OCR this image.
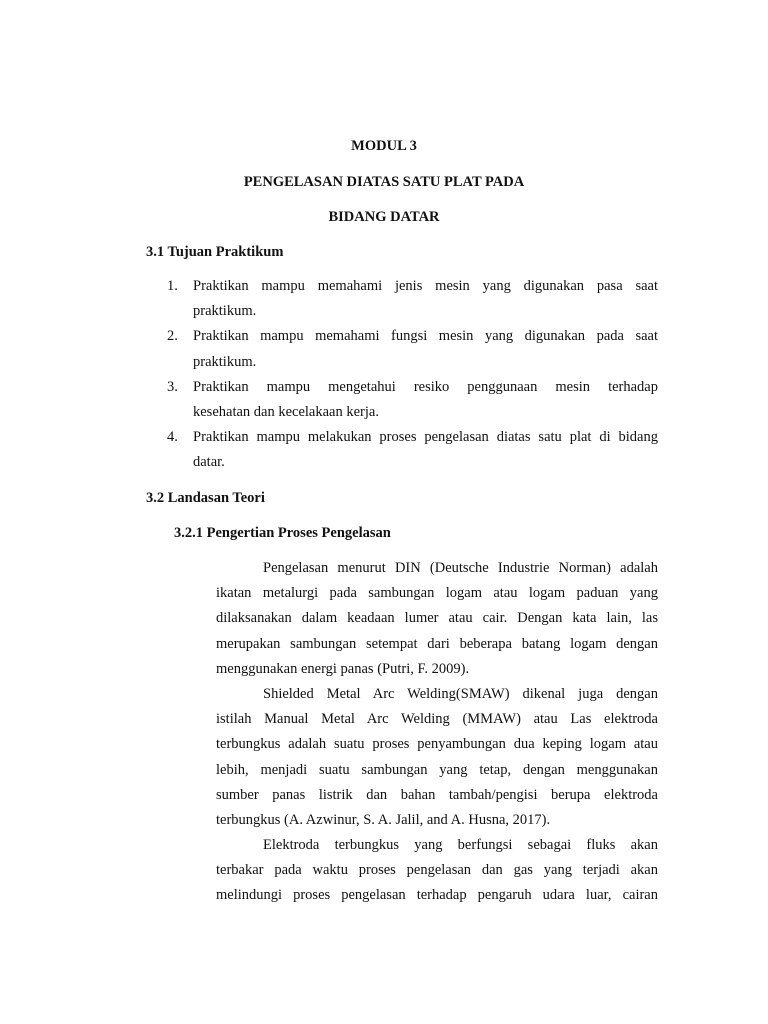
MODUL 3
PENGELASAN DIATAS SATU PLAT PADA
BIDANG DATAR
3.1 Tujuan Praktikum
1. Praktikan mampu memahami jenis mesin yang digunakan pasa saat
praktikum.
2. Praktikan mampu memahami fungsi mesin yang digunakan pada saat
praktikum.
3. Praktikan mampu mengetahui resiko penggunaan mesin terhadap
kesehatan dan kecelakaan kerja.
4. Praktikan mampu melakukan proses pengelasan diatas satu plat di bidang
datar.
3.2 Landasan Teori
3.2.1 Pengertian Proses Pengelasan
Pengelasan menurut DIN (Deutsche Industrie Norman) adalah
ikatan metalurgi pada sambungan logam atau logam paduan yang
dilaksanakan dalam keadaan lumer atau cair. Dengan kata lain, las
merupakan sambungan setempat dari beberapa batang logam dengan
menggunakan energi panas (Putri, F. 2009).
Shielded Metal Arc Welding(SMAW) dikenal juga dengan
istilah Manual Metal Arc Welding (MMAW) atau Las elektroda
terbungkus adalah suatu proses penyambungan dua keping logam atau
lebih, menjadi suatu sambungan yang tetap, dengan menggunakan
sumber panas listrik dan bahan tambah/pengisi berupa elektroda
terbungkus (A. Azwinur, S. A. Jalil, and A. Husna, 2017).
Elektroda terbungkus yang berfungsi sebagai fluks akan
terbakar pada waktu proses pengelasan dan gas yang terjadi akan
melindungi proses pengelasan terhadap pengaruh udara luar, cairan
